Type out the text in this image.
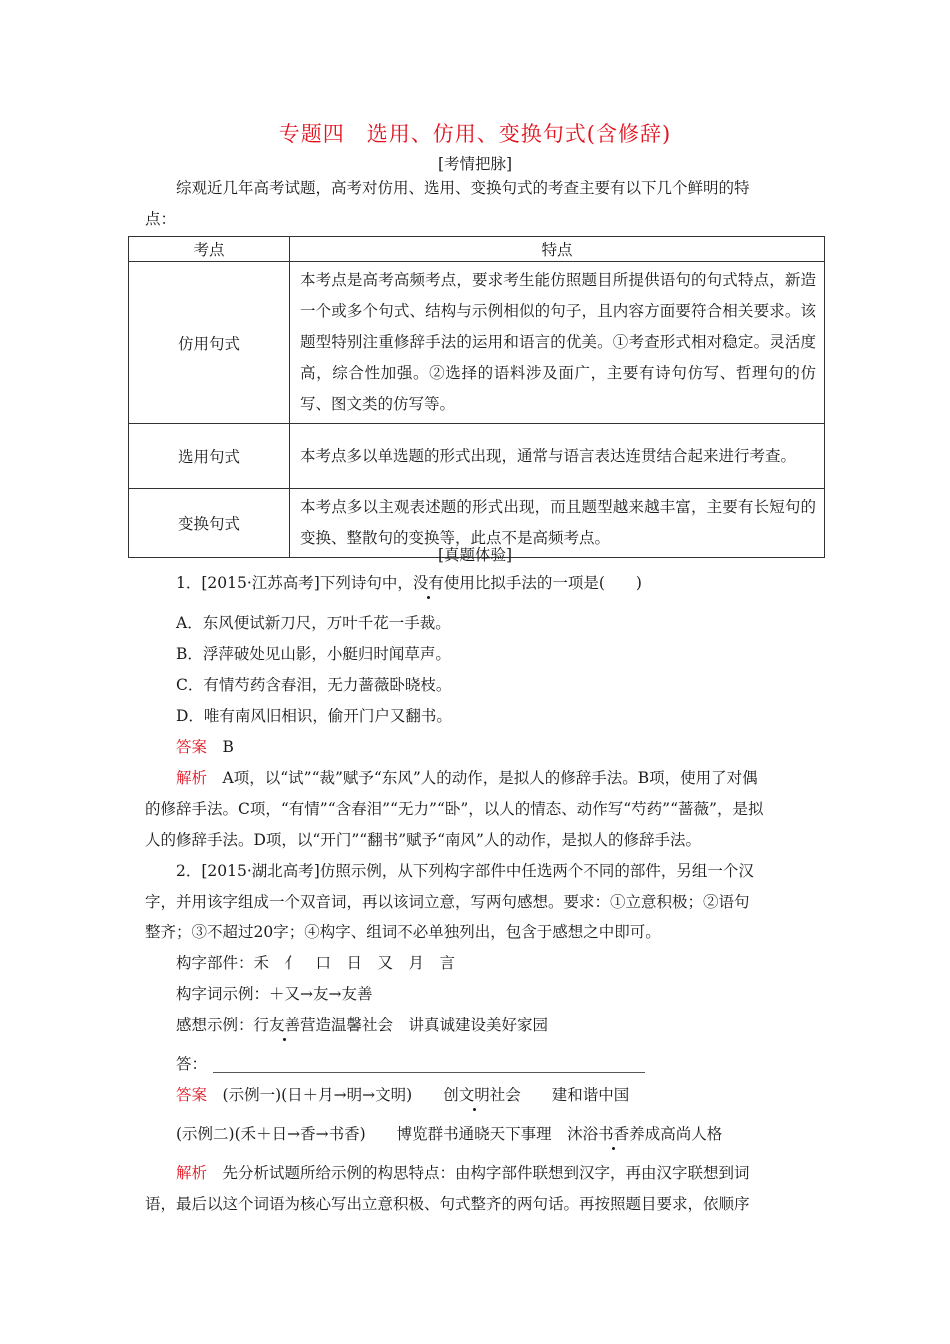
专题四　选用、仿用、变换句式(含修辞)
[考情把脉]
综观近几年高考试题，高考对仿用、选用、变换句式的考查主要有以下几个鲜明的特
点：
考点	特点
仿用句式	本考点是高考高频考点，要求考生能仿照题目所提供语句的句式特点，新造一个或多个句式、结构与示例相似的句子，且内容方面要符合相关要求。该题型特别注重修辞手法的运用和语言的优美。①考查形式相对稳定。灵活度高，综合性加强。②选择的语料涉及面广，主要有诗句仿写、哲理句的仿写、图文类的仿写等。
选用句式	本考点多以单选题的形式出现，通常与语言表达连贯结合起来进行考查。
变换句式	本考点多以主观表述题的形式出现，而且题型越来越丰富，主要有长短句的变换、整散句的变换等，此点不是高频考点。
[真题体验]
1．[2015·江苏高考]下列诗句中，没有使用比拟手法的一项是(　　)
A．东风便试新刀尺，万叶千花一手裁。
B．浮萍破处见山影，小艇归时闻草声。
C．有情芍药含春泪，无力蔷薇卧晓枝。
D．唯有南风旧相识，偷开门户又翻书。
答案　 B
解析　 A项，以“试”“裁”赋予“东风”人的动作，是拟人的修辞手法。B项，使用了对偶
的修辞手法。C项，“有情”“含春泪”“无力”“卧”，以人的情态、动作写“芍药”“蔷薇”，是拟
人的修辞手法。D项，以“开门”“翻书”赋予“南风”人的动作，是拟人的修辞手法。
2．[2015·湖北高考]仿照示例，从下列构字部件中任选两个不同的部件，另组一个汉
字，并用该字组成一个双音词，再以该词立意，写两句感想。要求：①立意积极；②语句
整齐；③不超过20字；④构字、组词不必单独列出，包含于感想之中即可。
构字部件：禾　亻　口　日　又　月　言
构字词示例：＋又→友→友善
感想示例：行友善营造温馨社会　讲真诚建设美好家园
答：
答案　 (示例一)(日＋月→明→文明)　　创文明社会　　建和谐中国
(示例二)(禾＋日→香→书香)　　博览群书通晓天下事理　沐浴书香养成高尚人格
解析　 先分析试题所给示例的构思特点：由构字部件联想到汉字，再由汉字联想到词
语，最后以这个词语为核心写出立意积极、句式整齐的两句话。再按照题目要求，依顺序
